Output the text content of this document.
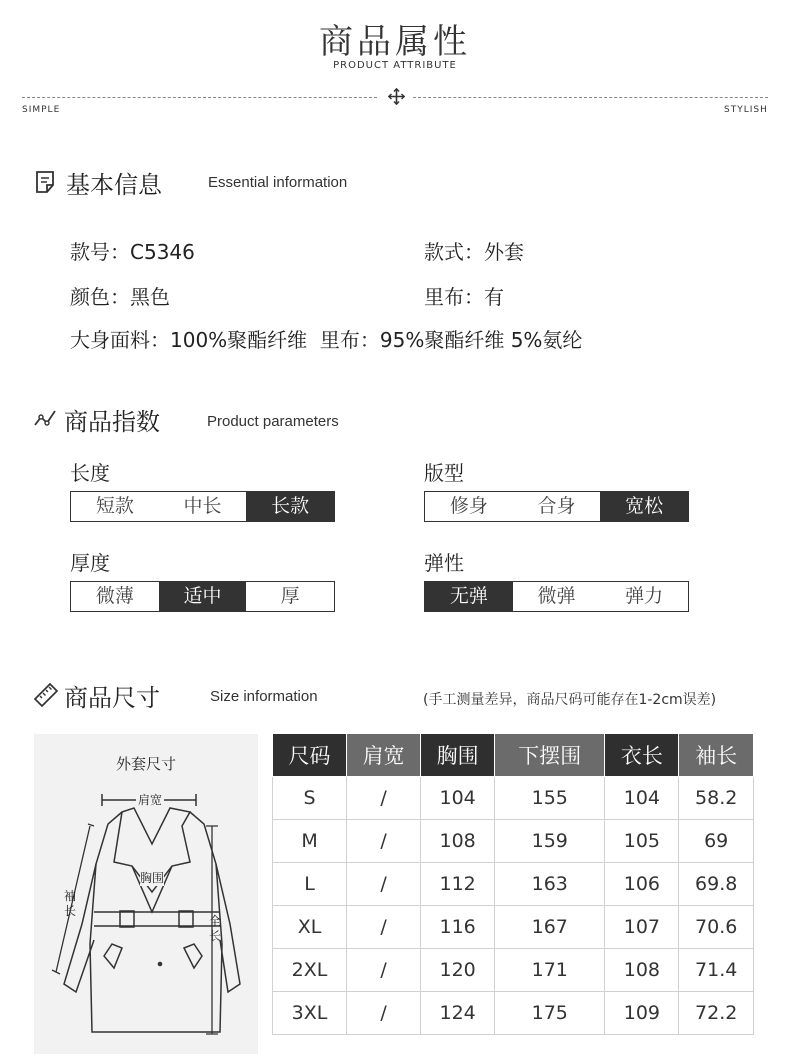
商品属性
PRODUCT ATTRIBUTE
SIMPLE	STYLISH
基本信息	Essential information
款号：C5346	款式：外套
颜色：黑色	里布：有
大身面料：100%聚酯纤维  里布：95%聚酯纤维 5%氨纶
商品指数	Product parameters
长度
短款	中长	长款
版型
修身	合身	宽松
厚度
微薄	适中	厚
弹性
无弹	微弹	弹力
商品尺寸	Size information	(手工测量差异，商品尺码可能存在1-2cm误差)
外套尺寸
肩宽
胸围
袖长
全长
尺码	肩宽	胸围	下摆围	衣长	袖长
S	/	104	155	104	58.2
M	/	108	159	105	69
L	/	112	163	106	69.8
XL	/	116	167	107	70.6
2XL	/	120	171	108	71.4
3XL	/	124	175	109	72.2
